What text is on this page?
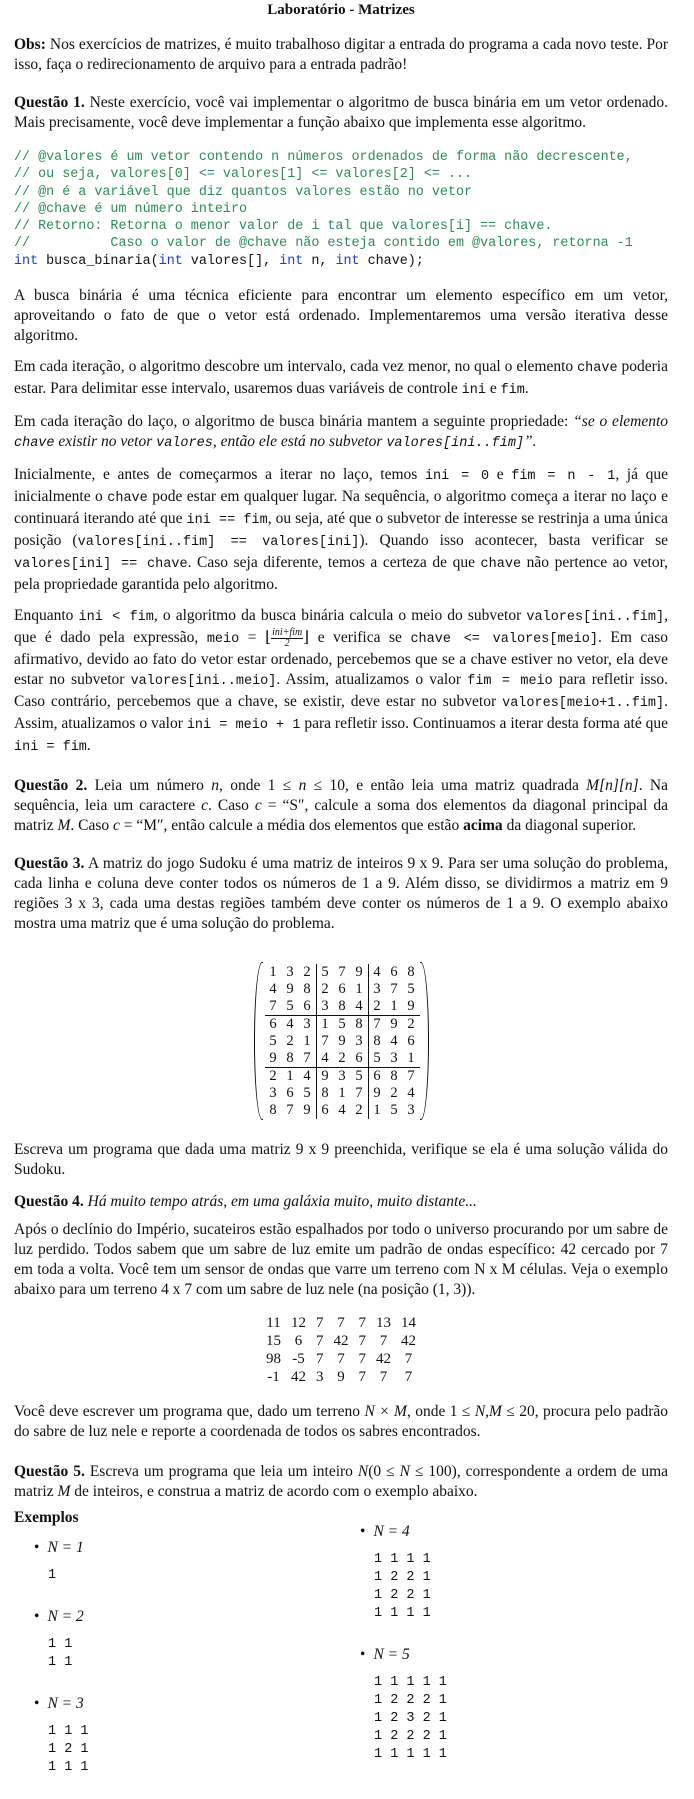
Laboratório - Matrizes

Obs: Nos exercícios de matrizes, é muito trabalhoso digitar a entrada do programa a cada novo teste. Por isso, faça o redirecionamento de arquivo para a entrada padrão!

Questão 1. Neste exercício, você vai implementar o algoritmo de busca binária em um vetor ordenado. Mais precisamente, você deve implementar a função abaixo que implementa esse algoritmo.

// @valores é um vetor contendo n números ordenados de forma não decrescente,
// ou seja, valores[0] <= valores[1] <= valores[2] <= ...
// @n é a variável que diz quantos valores estão no vetor
// @chave é um número inteiro
// Retorno: Retorna o menor valor de i tal que valores[i] == chave.
//          Caso o valor de @chave não esteja contido em @valores, retorna -1
int busca_binaria(int valores[], int n, int chave);

A busca binária é uma técnica eficiente para encontrar um elemento específico em um vetor, aproveitando o fato de que o vetor está ordenado. Implementaremos uma versão iterativa desse algoritmo.

Em cada iteração, o algoritmo descobre um intervalo, cada vez menor, no qual o elemento chave poderia estar. Para delimitar esse intervalo, usaremos duas variáveis de controle ini e fim.

Em cada iteração do laço, o algoritmo de busca binária mantem a seguinte propriedade: “se o elemento chave existir no vetor valores, então ele está no subvetor valores[ini..fim]”.

Inicialmente, e antes de começarmos a iterar no laço, temos ini = 0 e fim = n - 1, já que inicialmente o chave pode estar em qualquer lugar. Na sequência, o algoritmo começa a iterar no laço e continuará iterando até que ini == fim, ou seja, até que o subvetor de interesse se restrinja a uma única posição (valores[ini..fim] == valores[ini]). Quando isso acontecer, basta verificar se valores[ini] == chave. Caso seja diferente, temos a certeza de que chave não pertence ao vetor, pela propriedade garantida pelo algoritmo.

Enquanto ini < fim, o algoritmo da busca binária calcula o meio do subvetor valores[ini..fim], que é dado pela expressão, meio = ⌊ $\frac{\text{ini+fim}}{2}$ ⌋ e verifica se chave <= valores[meio]. Em caso afirmativo, devido ao fato do vetor estar ordenado, percebemos que se a chave estiver no vetor, ela deve estar no subvetor valores[ini..meio]. Assim, atualizamos o valor fim = meio para refletir isso. Caso contrário, percebemos que a chave, se existir, deve estar no subvetor valores[meio+1..fim]. Assim, atualizamos o valor ini = meio + 1 para refletir isso. Continuamos a iterar desta forma até que ini = fim.

Questão 2. Leia um número n, onde 1 ≤ n ≤ 10, e então leia uma matriz quadrada M[n][n]. Na sequência, leia um caractere c. Caso c = “S″, calcule a soma dos elementos da diagonal principal da matriz M. Caso c = “M″, então calcule a média dos elementos que estão acima da diagonal superior.

Questão 3. A matriz do jogo Sudoku é uma matriz de inteiros 9 x 9. Para ser uma solução do problema, cada linha e coluna deve conter todos os números de 1 a 9. Além disso, se dividirmos a matriz em 9 regiões 3 x 3, cada uma destas regiões também deve conter os números de 1 a 9. O exemplo abaixo mostra uma matriz que é uma solução do problema.

1	3	2	5	7	9	4	6	8
4	9	8	2	6	1	3	7	5
7	5	6	3	8	4	2	1	9
6	4	3	1	5	8	7	9	2
5	2	1	7	9	3	8	4	6
9	8	7	4	2	6	5	3	1
2	1	4	9	3	5	6	8	7
3	6	5	8	1	7	9	2	4
8	7	9	6	4	2	1	5	3

Escreva um programa que dada uma matriz 9 x 9 preenchida, verifique se ela é uma solução válida do Sudoku.

Questão 4. Há muito tempo atrás, em uma galáxia muito, muito distante...

Após o declínio do Império, sucateiros estão espalhados por todo o universo procurando por um sabre de luz perdido. Todos sabem que um sabre de luz emite um padrão de ondas específico: 42 cercado por 7 em toda a volta. Você tem um sensor de ondas que varre um terreno com N x M células. Veja o exemplo abaixo para um terreno 4 x 7 com um sabre de luz nele (na posição (1, 3)).

11	12	7	7	7	13	14
15	6	7	42	7	7	42
98	-5	7	7	7	42	7
-1	42	3	9	7	7	7

Você deve escrever um programa que, dado um terreno N × M, onde 1 ≤ N,M ≤ 20, procura pelo padrão do sabre de luz nele e reporte a coordenada de todos os sabres encontrados.

Questão 5. Escreva um programa que leia um inteiro N(0 ≤ N ≤ 100), correspondente a ordem de uma matriz M de inteiros, e construa a matriz de acordo com o exemplo abaixo.

Exemplos
• N = 1
1
• N = 2
1 1
1 1
• N = 3
1 1 1
1 2 1
1 1 1
• N = 4
1 1 1 1
1 2 2 1
1 2 2 1
1 1 1 1
• N = 5
1 1 1 1 1
1 2 2 2 1
1 2 3 2 1
1 2 2 2 1
1 1 1 1 1
